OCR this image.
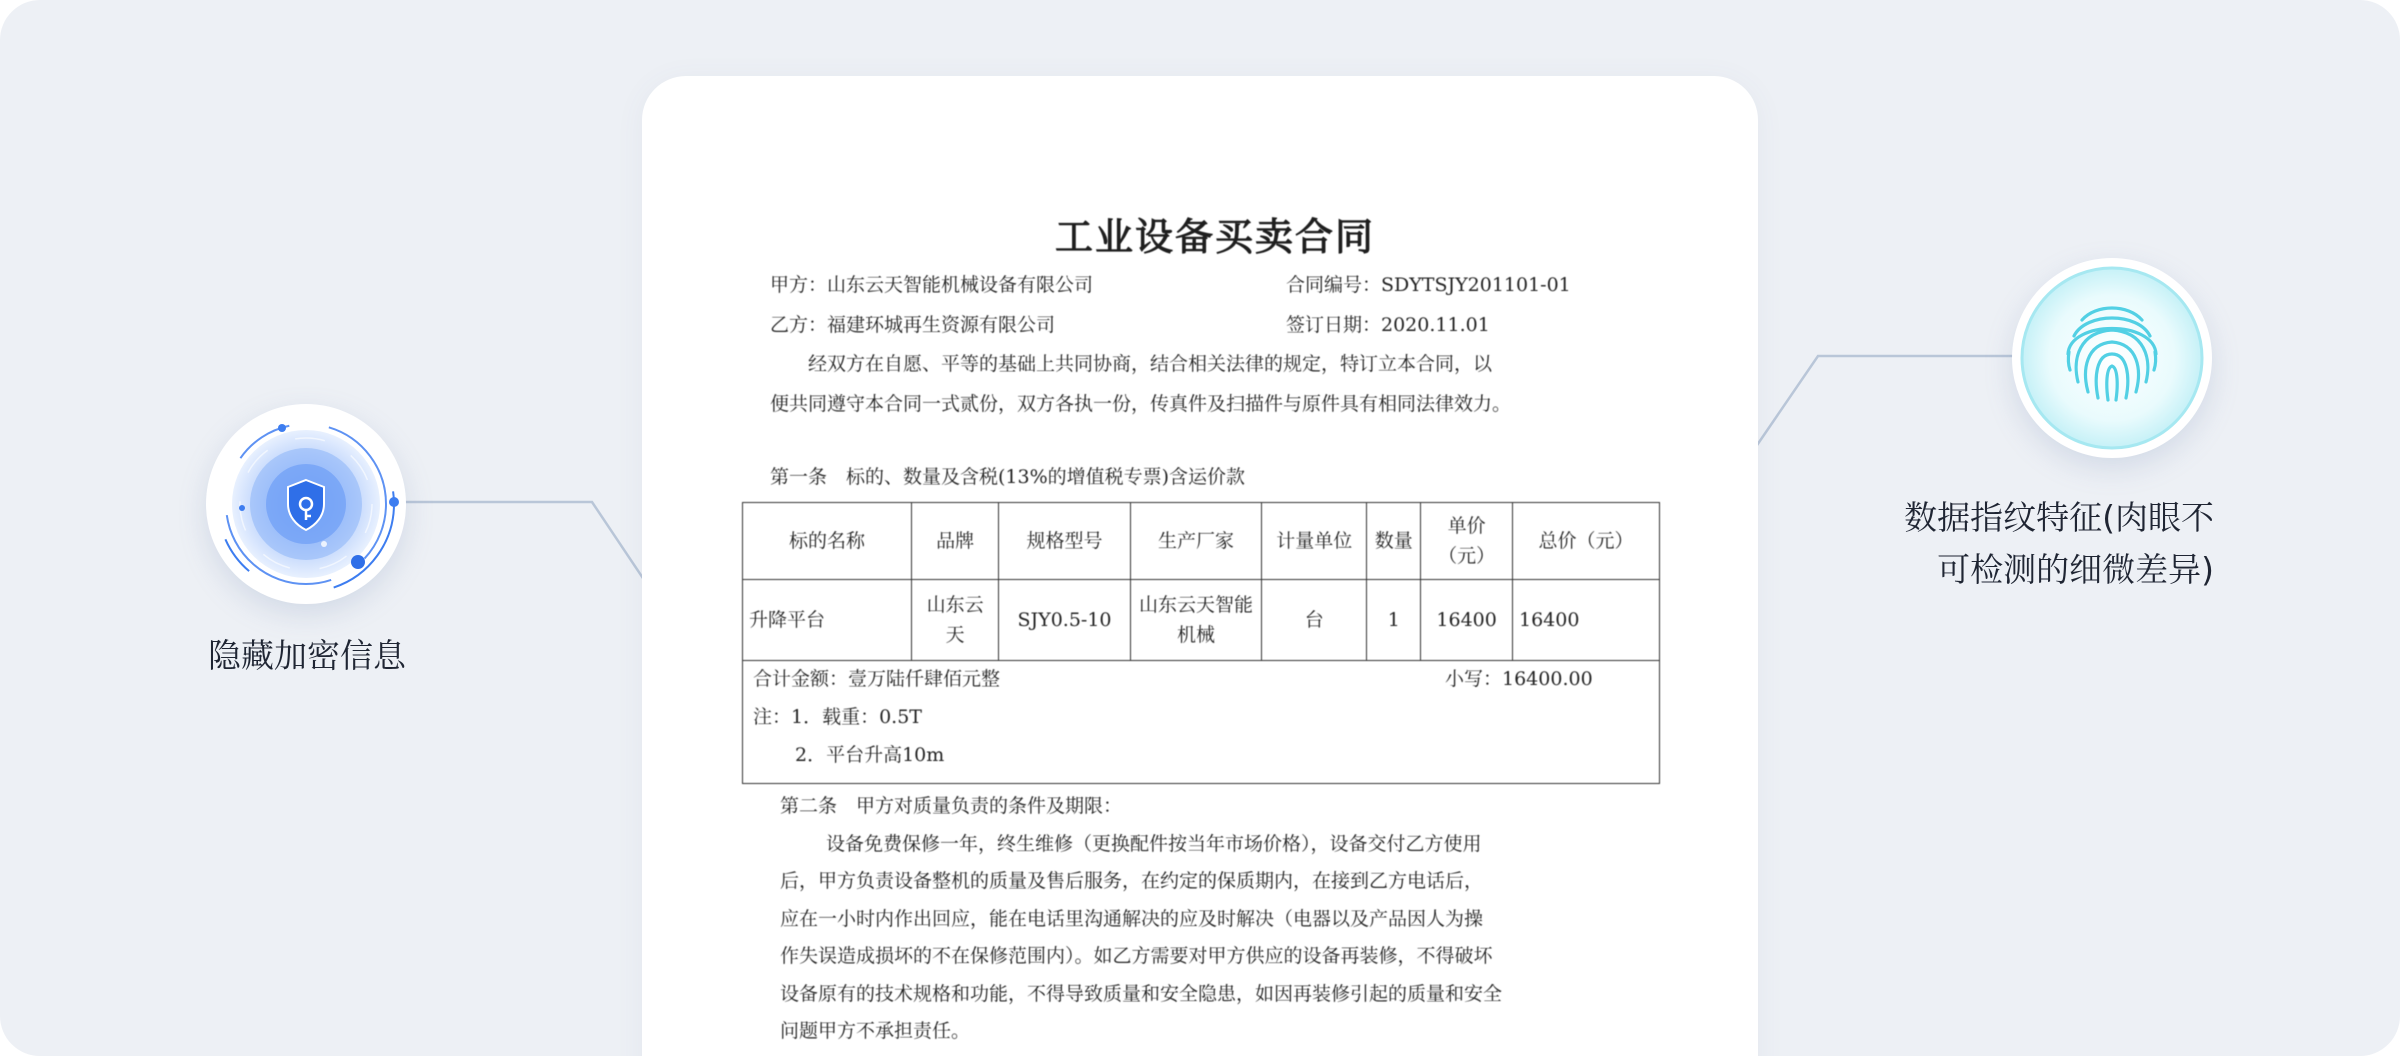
工业设备买卖合同
甲方：山东云天智能机械设备有限公司	合同编号：SDYTSJY201101-01
乙方：福建环城再生资源有限公司	签订日期：2020.11.01

经双方在自愿、平等的基础上共同协商，结合相关法律的规定，特订立本合同，以

便共同遵守本合同一式贰份，双方各执一份，传真件及扫描件与原件具有相同法律效力。

第一条　标的、数量及含税(13%的增值税专票)含运价款
标的名称	品牌	规格型号	生产厂家	计量单位	数量	单价（元）	总价（元）
升降平台	山东云天	SJY0.5-10	山东云天智能机械	台	1	16400	16400
合计金额：壹万陆仟肆佰元整	小写：16400.00
注：1．载重：0.5T
2．平台升高10m

第二条　甲方对质量负责的条件及期限：

设备免费保修一年，终生维修（更换配件按当年市场价格），设备交付乙方使用

后，甲方负责设备整机的质量及售后服务，在约定的保质期内，在接到乙方电话后，

应在一小时内作出回应，能在电话里沟通解决的应及时解决（电器以及产品因人为操

作失误造成损坏的不在保修范围内）。如乙方需要对甲方供应的设备再装修，不得破坏

设备原有的技术规格和功能，不得导致质量和安全隐患，如因再装修引起的质量和安全

问题甲方不承担责任。

隐藏加密信息
数据指纹特征(肉眼不
可检测的细微差异)
